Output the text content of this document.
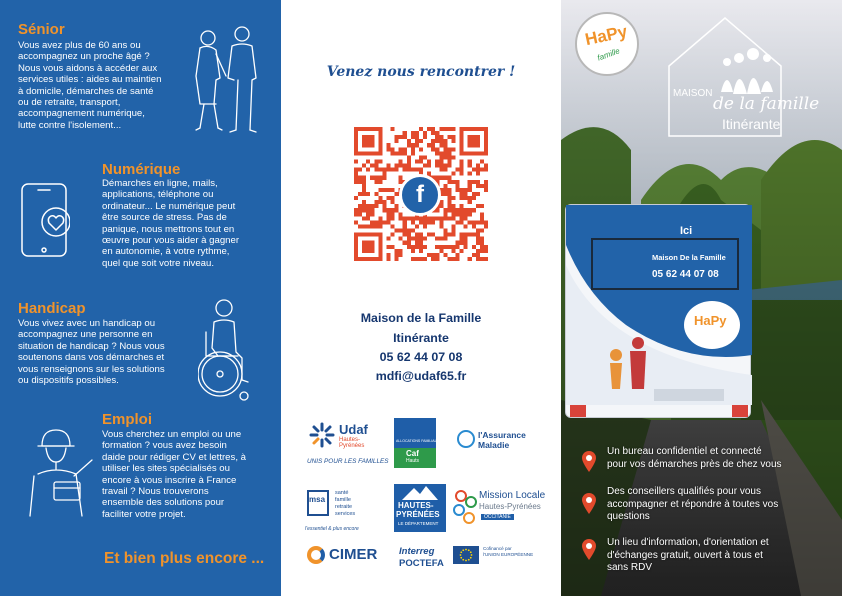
Sénior
Vous avez plus de 60 ans ou
accompagnez un proche âgé ?
Nous vous aidons à accéder aux
services utiles : aides au maintien
à domicile, démarches de santé
ou de retraite, transport,
accompagnement numérique,
lutte contre l'isolement...
Numérique
Démarches en ligne, mails,
applications, téléphone ou
ordinateur... Le numérique peut
être source de stress. Pas de
panique, nous mettrons tout en
œuvre pour vous aider à gagner
en autonomie, à votre rythme,
quel que soit votre niveau.
Handicap
Vous vivez avec un handicap ou
accompagnez une personne en
situation de handicap ? Nous vous
soutenons dans vos démarches et
vous renseignons sur les solutions
ou dispositifs possibles.
Emploi
Vous cherchez un emploi ou une
formation ? vous avez besoin
daide pour rédiger CV et lettres, à
utiliser les sites spécialisés ou
encore à vous inscrire à France
travail ? Nous trouverons
ensemble des solutions pour
faciliter votre projet.
Et bien plus encore ...
Venez nous rencontrer !
f
Maison de la Famille
Itinérante
05 62 44 07 08
mdfi@udaf65.fr
Udaf
Hautes-
Pyrénées
UNIS POUR LES FAMILLES
ALLOCATIONS FAMILIALES
Caf
Hauts
l'Assurance
Maladie
msa
santé
famille
retraite
services
l'essentiel & plus encore
HAUTES-
PYRÉNÉES
LE DÉPARTEMENT
Mission Locale
Hautes-Pyrénées
OCCITANIE
CIMER Interreg
POCTEFA
Cofinancé par
l'UNION EUROPÉENNE
MAISON
de la famille
Itinérante
HaPy
famille
Ici
Maison De la Famille
05 62 44 07 08
HaPy
Un bureau confidentiel et connecté
pour vos démarches près de chez vous
Des conseillers qualifiés pour vous
accompagner et répondre à toutes vos
questions
Un lieu d'information, d'orientation et
d'échanges gratuit, ouvert à tous et
sans RDV
